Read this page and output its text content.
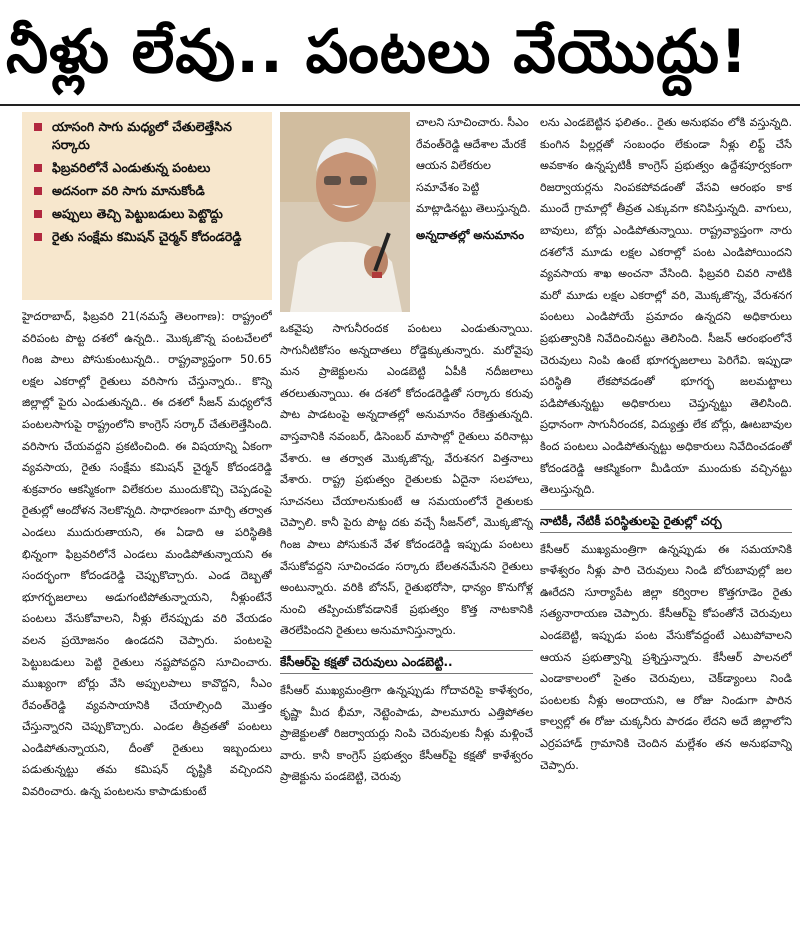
నీళ్లు లేవు.. పంటలు వేయొద్దు!
యాసంగి సాగు మధ్యలో చేతులెత్తేసిన సర్కారు
ఫిబ్రవరిలోనే ఎండుతున్న పంటలు
అదనంగా వరి సాగు మానుకోండి
అప్పులు తెచ్చి పెట్టుబడులు పెట్టొద్దు
రైతు సంక్షేమ కమిషన్ చైర్మన్ కోదండరెడ్డి

హైదరాబాద్, ఫిబ్రవరి 21(నమస్తే తెలంగాణ): రాష్ట్రంలో వరిపంట పొట్ట దశలో ఉన్నది.. మొక్కజొన్న పంటచేలలో గింజ పాలు పోసుకుంటున్నది.. రాష్ట్రవ్యాప్తంగా 50.65 లక్షల ఎకరాల్లో రైతులు వరిసాగు చేస్తున్నారు.. కొన్ని జిల్లాల్లో పైరు ఎండుతున్నది.. ఈ దశలో సీజన్ మధ్యలోనే పంటలసాగుపై రాష్ట్రంలోని కాంగ్రెస్ సర్కార్ చేతులెత్తేసింది. వరిసాగు చేయవద్దని ప్రకటించింది. ఈ విషయాన్ని ఏకంగా వ్యవసాయ, రైతు సంక్షేమ కమిషన్ చైర్మన్ కోదండరెడ్డి శుక్రవారం ఆకస్మికంగా విలేకరుల ముందుకొచ్చి చెప్పడంపై రైతుల్లో ఆందోళన నెలకొన్నది. సాధారణంగా మార్చి తర్వాత ఎండలు ముదురుతాయని, ఈ ఏడాది ఆ పరిస్థితికి భిన్నంగా ఫిబ్రవరిలోనే ఎండలు మండిపోతున్నాయని ఈ సందర్భంగా కోదండరెడ్డి చెప్పుకొచ్చారు. ఎండ దెబ్బతో భూగర్భజలాలు అడుగంటిపోతున్నాయని, నీళ్లుంటేనే పంటలు వేసుకోవాలని, నీళ్లు లేనప్పుడు వరి వేయడం వలన ప్రయోజనం ఉండదని చెప్పారు. పంటలపై పెట్టుబడులు పెట్టి రైతులు నష్టపోవద్దని సూచించారు. ముఖ్యంగా బోర్లు వేసి అప్పులపాలు కావొద్దని, సీఎం రేవంత్‌రెడ్డి వ్యవసాయానికి చేయాల్సింది మొత్తం చేస్తున్నారని చెప్పుకొచ్చారు. ఎండల తీవ్రతతో పంటలు ఎండిపోతున్నాయని, దీంతో రైతులు ఇబ్బందులు పడుతున్నట్టు తమ కమిషన్ దృష్టికి వచ్చిందని వివరించారు. ఉన్న పంటలను కాపాడుకుంటే

చాలని సూచించారు. సీఎం రేవంత్‌రెడ్డి ఆదేశాల మేరకే ఆయన విలేకరుల సమావేశం పెట్టి మాట్లాడినట్టు తెలుస్తున్నది.

అన్నదాతల్లో అనుమానం

ఒకవైపు సాగునీరందక పంటలు ఎండుతున్నాయి. సాగునీటికోసం అన్నదాతలు రోడ్డెక్కుతున్నారు. మరోవైపు మన ప్రాజెక్టులను ఎండబెట్టి ఏపీకి నదీజలాలు తరలుతున్నాయి. ఈ దశలో కోదండరెడ్డితో సర్కారు కరువు పాట పాడటంపై అన్నదాతల్లో అనుమానం రేకెత్తుతున్నది. వాస్తవానికి నవంబర్, డిసెంబర్ మాసాల్లో రైతులు వరినాట్లు వేశారు. ఆ తర్వాత మొక్కజొన్న, వేరుశనగ విత్తనాలు వేశారు. రాష్ట్ర ప్రభుత్వం రైతులకు ఏదైనా సలహాలు, సూచనలు చేయాలనుకుంటే ఆ సమయంలోనే రైతులకు చెప్పాలి. కానీ పైరు పొట్ట దకు వచ్చే సీజన్‌లో, మొక్కజొన్న గింజ పాలు పోసుకునే వేళ కోదండరెడ్డి ఇప్పుడు పంటలు వేసుకోవద్దని సూచించడం సర్కారు బేలతనమేనని రైతులు అంటున్నారు. వరికి బోనస్, రైతుభరోసా, ధాన్యం కొనుగోళ్ల నుంచి తప్పించుకోవడానికే ప్రభుత్వం కొత్త నాటకానికి తెరలేపిందని రైతులు అనుమానిస్తున్నారు.

కేసీఆర్‌పై కక్షతో చెరువులు ఎండబెట్టి..

కేసీఆర్ ముఖ్యమంత్రిగా ఉన్నప్పుడు గోదావరిపై కాళేశ్వరం, కృష్ణా మీద భీమా, నెట్టెంపాడు, పాలమూరు ఎత్తిపోతల ప్రాజెక్టులతో రిజర్వాయర్లు నింపి చెరువులకు నీళ్లు మళ్లించే వారు. కానీ కాంగ్రెస్ ప్రభుత్వం కేసీఆర్‌పై కక్షతో కాళేశ్వరం ప్రాజెక్టును పండబెట్టి, చెరువు

లను ఎండబెట్టిన ఫలితం.. రైతు అనుభవం లోకి వస్తున్నది. కుంగిన పిల్లర్లతో సంబంధం లేకుండా నీళ్లు లిఫ్ట్ చేసే అవకాశం ఉన్నప్పటికీ కాంగ్రెస్ ప్రభుత్వం ఉద్దేశపూర్వకంగా రిజర్వాయర్లను నింపకపోవడంతో వేసవి ఆరంభం కాక ముందే గ్రామాల్లో తీవ్రత ఎక్కువగా కనిపిస్తున్నది. వాగులు, బావులు, బోర్లు ఎండిపోతున్నాయి. రాష్ట్రవ్యాప్తంగా నారు దశలోనే మూడు లక్షల ఎకరాల్లో పంట ఎండిపోయిందని వ్యవసాయ శాఖ అంచనా వేసింది. ఫిబ్రవరి చివరి నాటికి మరో మూడు లక్షల ఎకరాల్లో వరి, మొక్కజొన్న, వేరుశనగ పంటలు ఎండిపోయే ప్రమాదం ఉన్నదని అధికారులు ప్రభుత్వానికి నివేదించినట్టు తెలిసింది. సీజన్ ఆరంభంలోనే చెరువులు నింపి ఉంటే భూగర్భజలాలు పెరిగేవి. ఇప్పుడా పరిస్థితి లేకపోవడంతో భూగర్భ జలమట్టాలు పడిపోతున్నట్టు అధికారులు చెప్తున్నట్టు తెలిసింది. ప్రధానంగా సాగునీరందక, విద్యుత్తు లేక బోర్లు, ఊటబావుల కింద పంటలు ఎండిపోతున్నట్టు అధికారులు నివేదించడంతో కోదండరెడ్డి ఆకస్మికంగా మీడియా ముందుకు వచ్చినట్టు తెలుస్తున్నది.

నాటికీ, నేటికీ పరిస్థితులపై రైతుల్లో చర్చ

కేసీఆర్ ముఖ్యమంత్రిగా ఉన్నప్పుడు ఈ సమయానికి కాళేశ్వరం నీళ్లు పారి చెరువులు నిండి బోరుబావుల్లో జల ఊరేదని సూర్యాపేట జిల్లా కర్విరాల కొత్తగూడెం రైతు సత్యనారాయణ చెప్పారు. కేసీఆర్‌పై కోపంతోనే చెరువులు ఎండబెట్టి, ఇప్పుడు పంట వేసుకోవద్దంటే ఎటుపోవాలని ఆయన ప్రభుత్వాన్ని ప్రశ్నిస్తున్నారు. కేసీఆర్ పాలనలో ఎండాకాలంలో సైతం చెరువులు, చెక్‌డ్యాంలు నిండి పంటలకు నీళ్లు అందాయని, ఆ రోజు నిండుగా పారిన కాల్వల్లో ఈ రోజు చుక్కనీరు పారడం లేదని అదే జిల్లాలోని ఎర్రపహాడ్ గ్రామానికి చెందిన మల్లేశం తన అనుభవాన్ని చెప్పారు.
